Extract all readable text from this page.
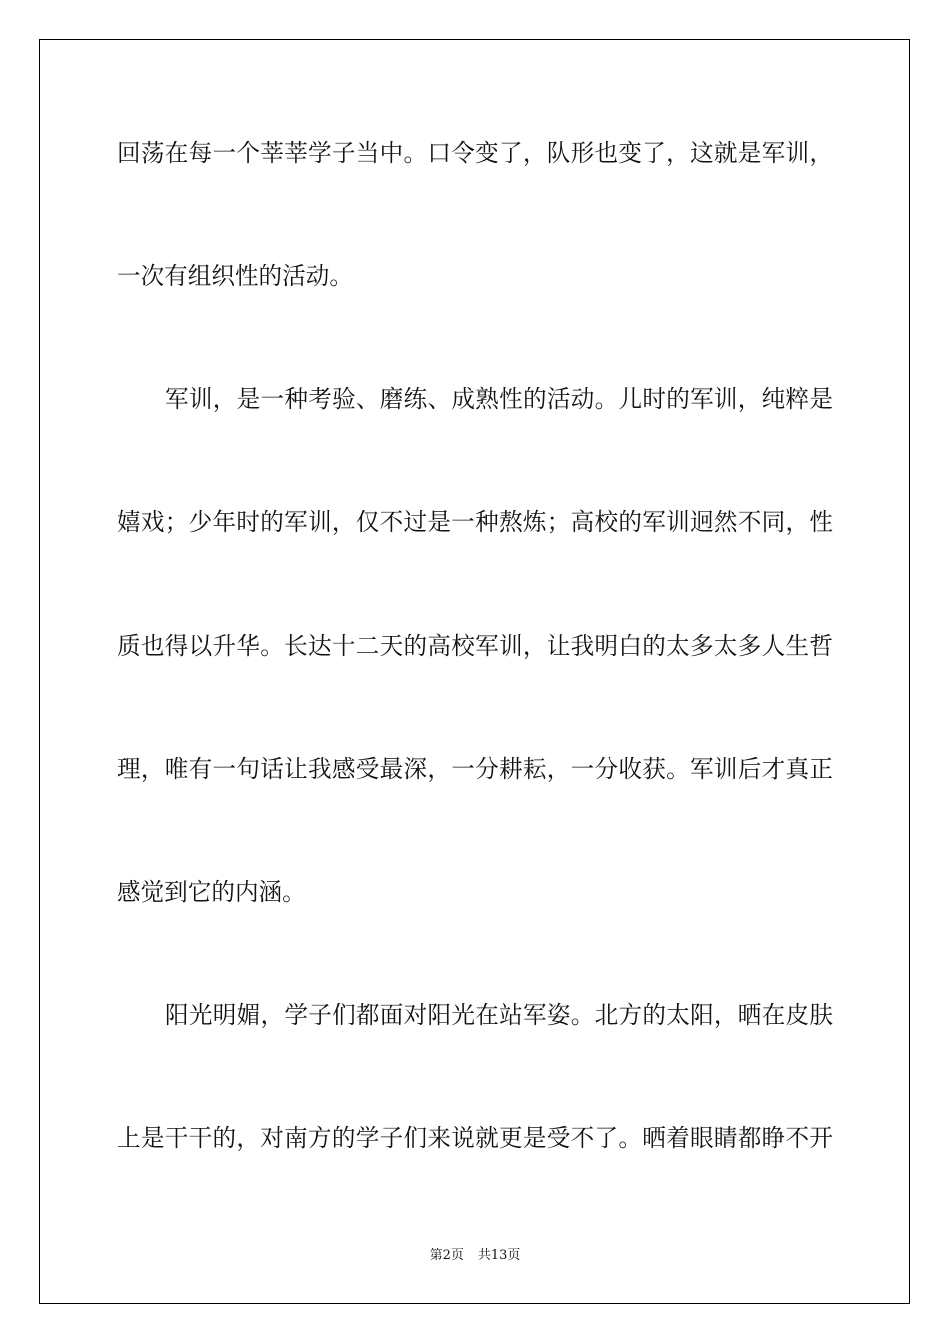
回荡在每一个莘莘学子当中。口令变了，队形也变了，这就是军训，
一次有组织性的活动。
军训，是一种考验、磨练、成熟性的活动。儿时的军训，纯粹是
嬉戏；少年时的军训，仅不过是一种熬炼；高校的军训迥然不同，性
质也得以升华。长达十二天的高校军训，让我明白的太多太多人生哲
理，唯有一句话让我感受最深，一分耕耘，一分收获。军训后才真正
感觉到它的内涵。
阳光明媚，学子们都面对阳光在站军姿。北方的太阳，晒在皮肤
上是干干的，对南方的学子们来说就更是受不了。晒着眼睛都睁不开
第2页 共13页
